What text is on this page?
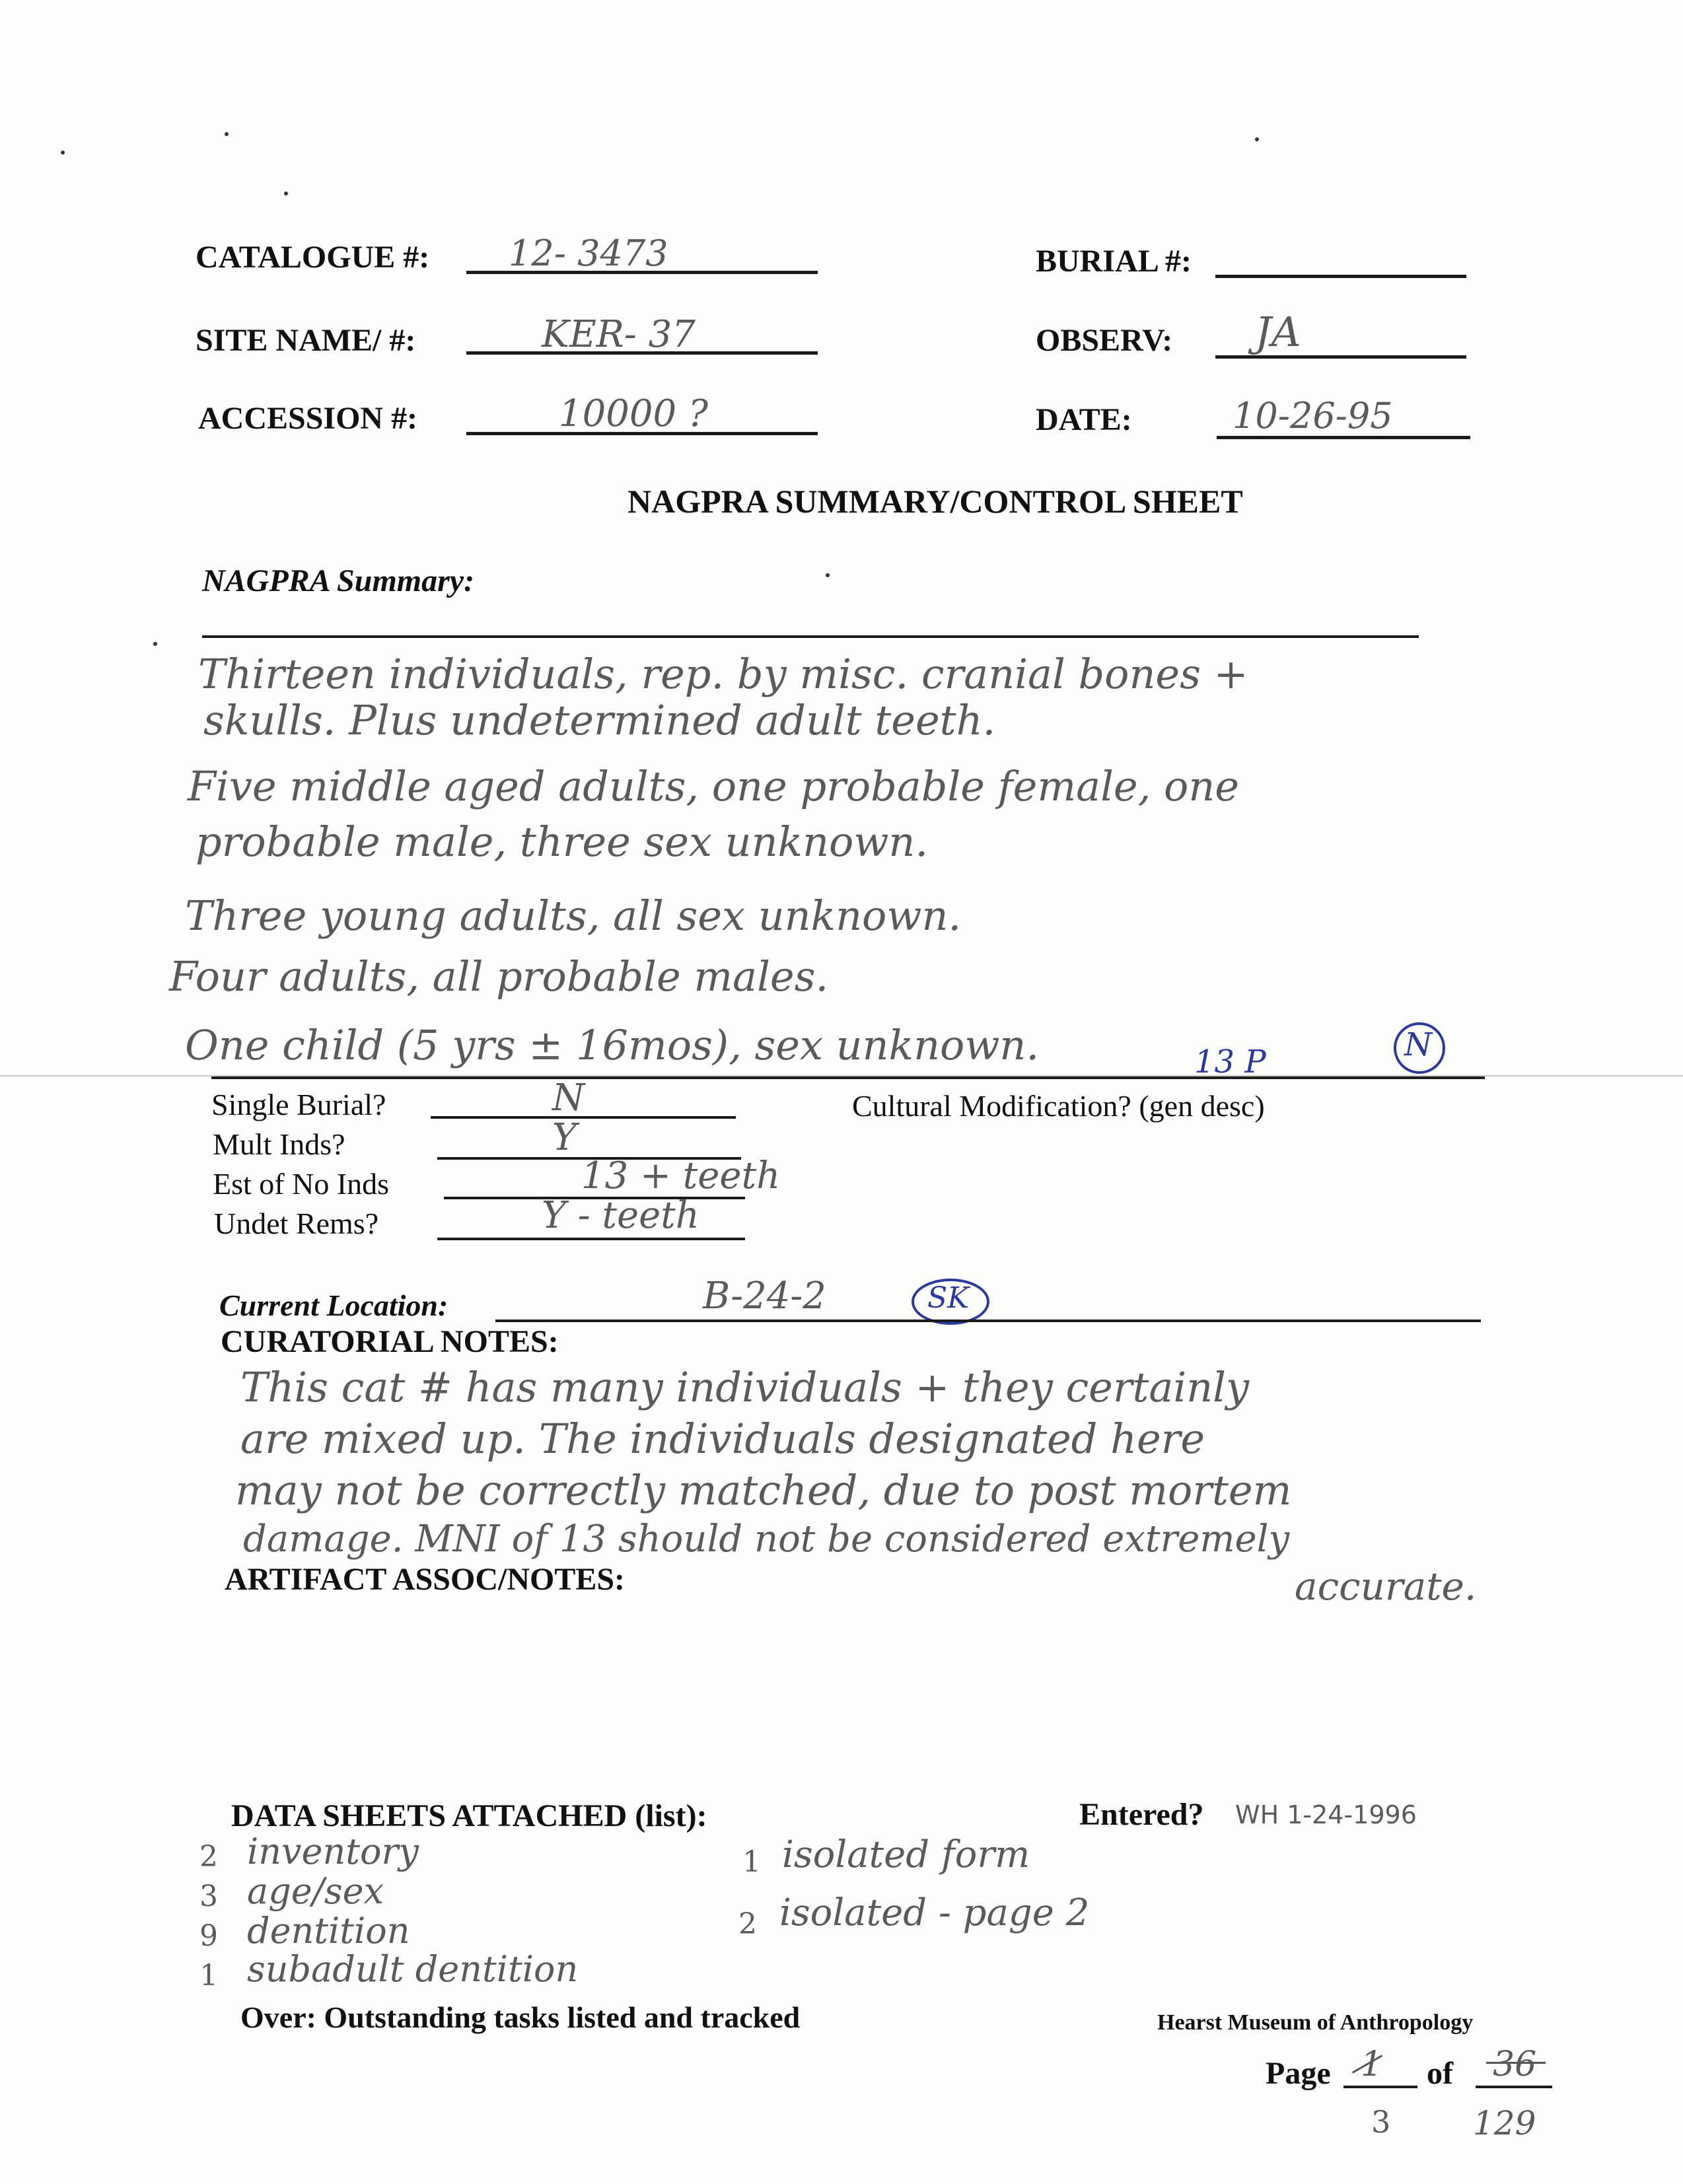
CATALOGUE #: 12- 3473	BURIAL #:
SITE NAME/ #:	KER- 37	OBSERV: JA
ACCESSION #:	10000 ?	DATE:	10-26-95
NAGPRA SUMMARY/CONTROL SHEET
NAGPRA Summary:
Thirteen individuals, rep. by misc. cranial bones +
skulls. Plus undetermined adult teeth.
Five middle aged adults, one probable female, one
probable male, three sex unknown.
Three young adults, all sex unknown.
Four adults, all probable males.
One child (5 yrs ± 16mos), sex unknown.	13 P	N
Single Burial?	N	Cultural Modification? (gen desc)
Mult Inds?	Y
Est of No Inds	13 + teeth
Undet Rems?	Y - teeth
Current Location:	B-24-2	SK
CURATORIAL NOTES:
This cat # has many individuals + they certainly
are mixed up. The individuals designated here
may not be correctly matched, due to post mortem
damage. MNI of 13 should not be considered extremely
accurate.
ARTIFACT ASSOC/NOTES:
DATA SHEETS ATTACHED (list):	Entered? WH 1-24-1996
2 inventory
3 age/sex
9 dentition
1 subadult dentition
1 isolated form
2 isolated - page 2
Over: Outstanding tasks listed and tracked	Hearst Museum of Anthropology
Page 1 of 36
3 129
